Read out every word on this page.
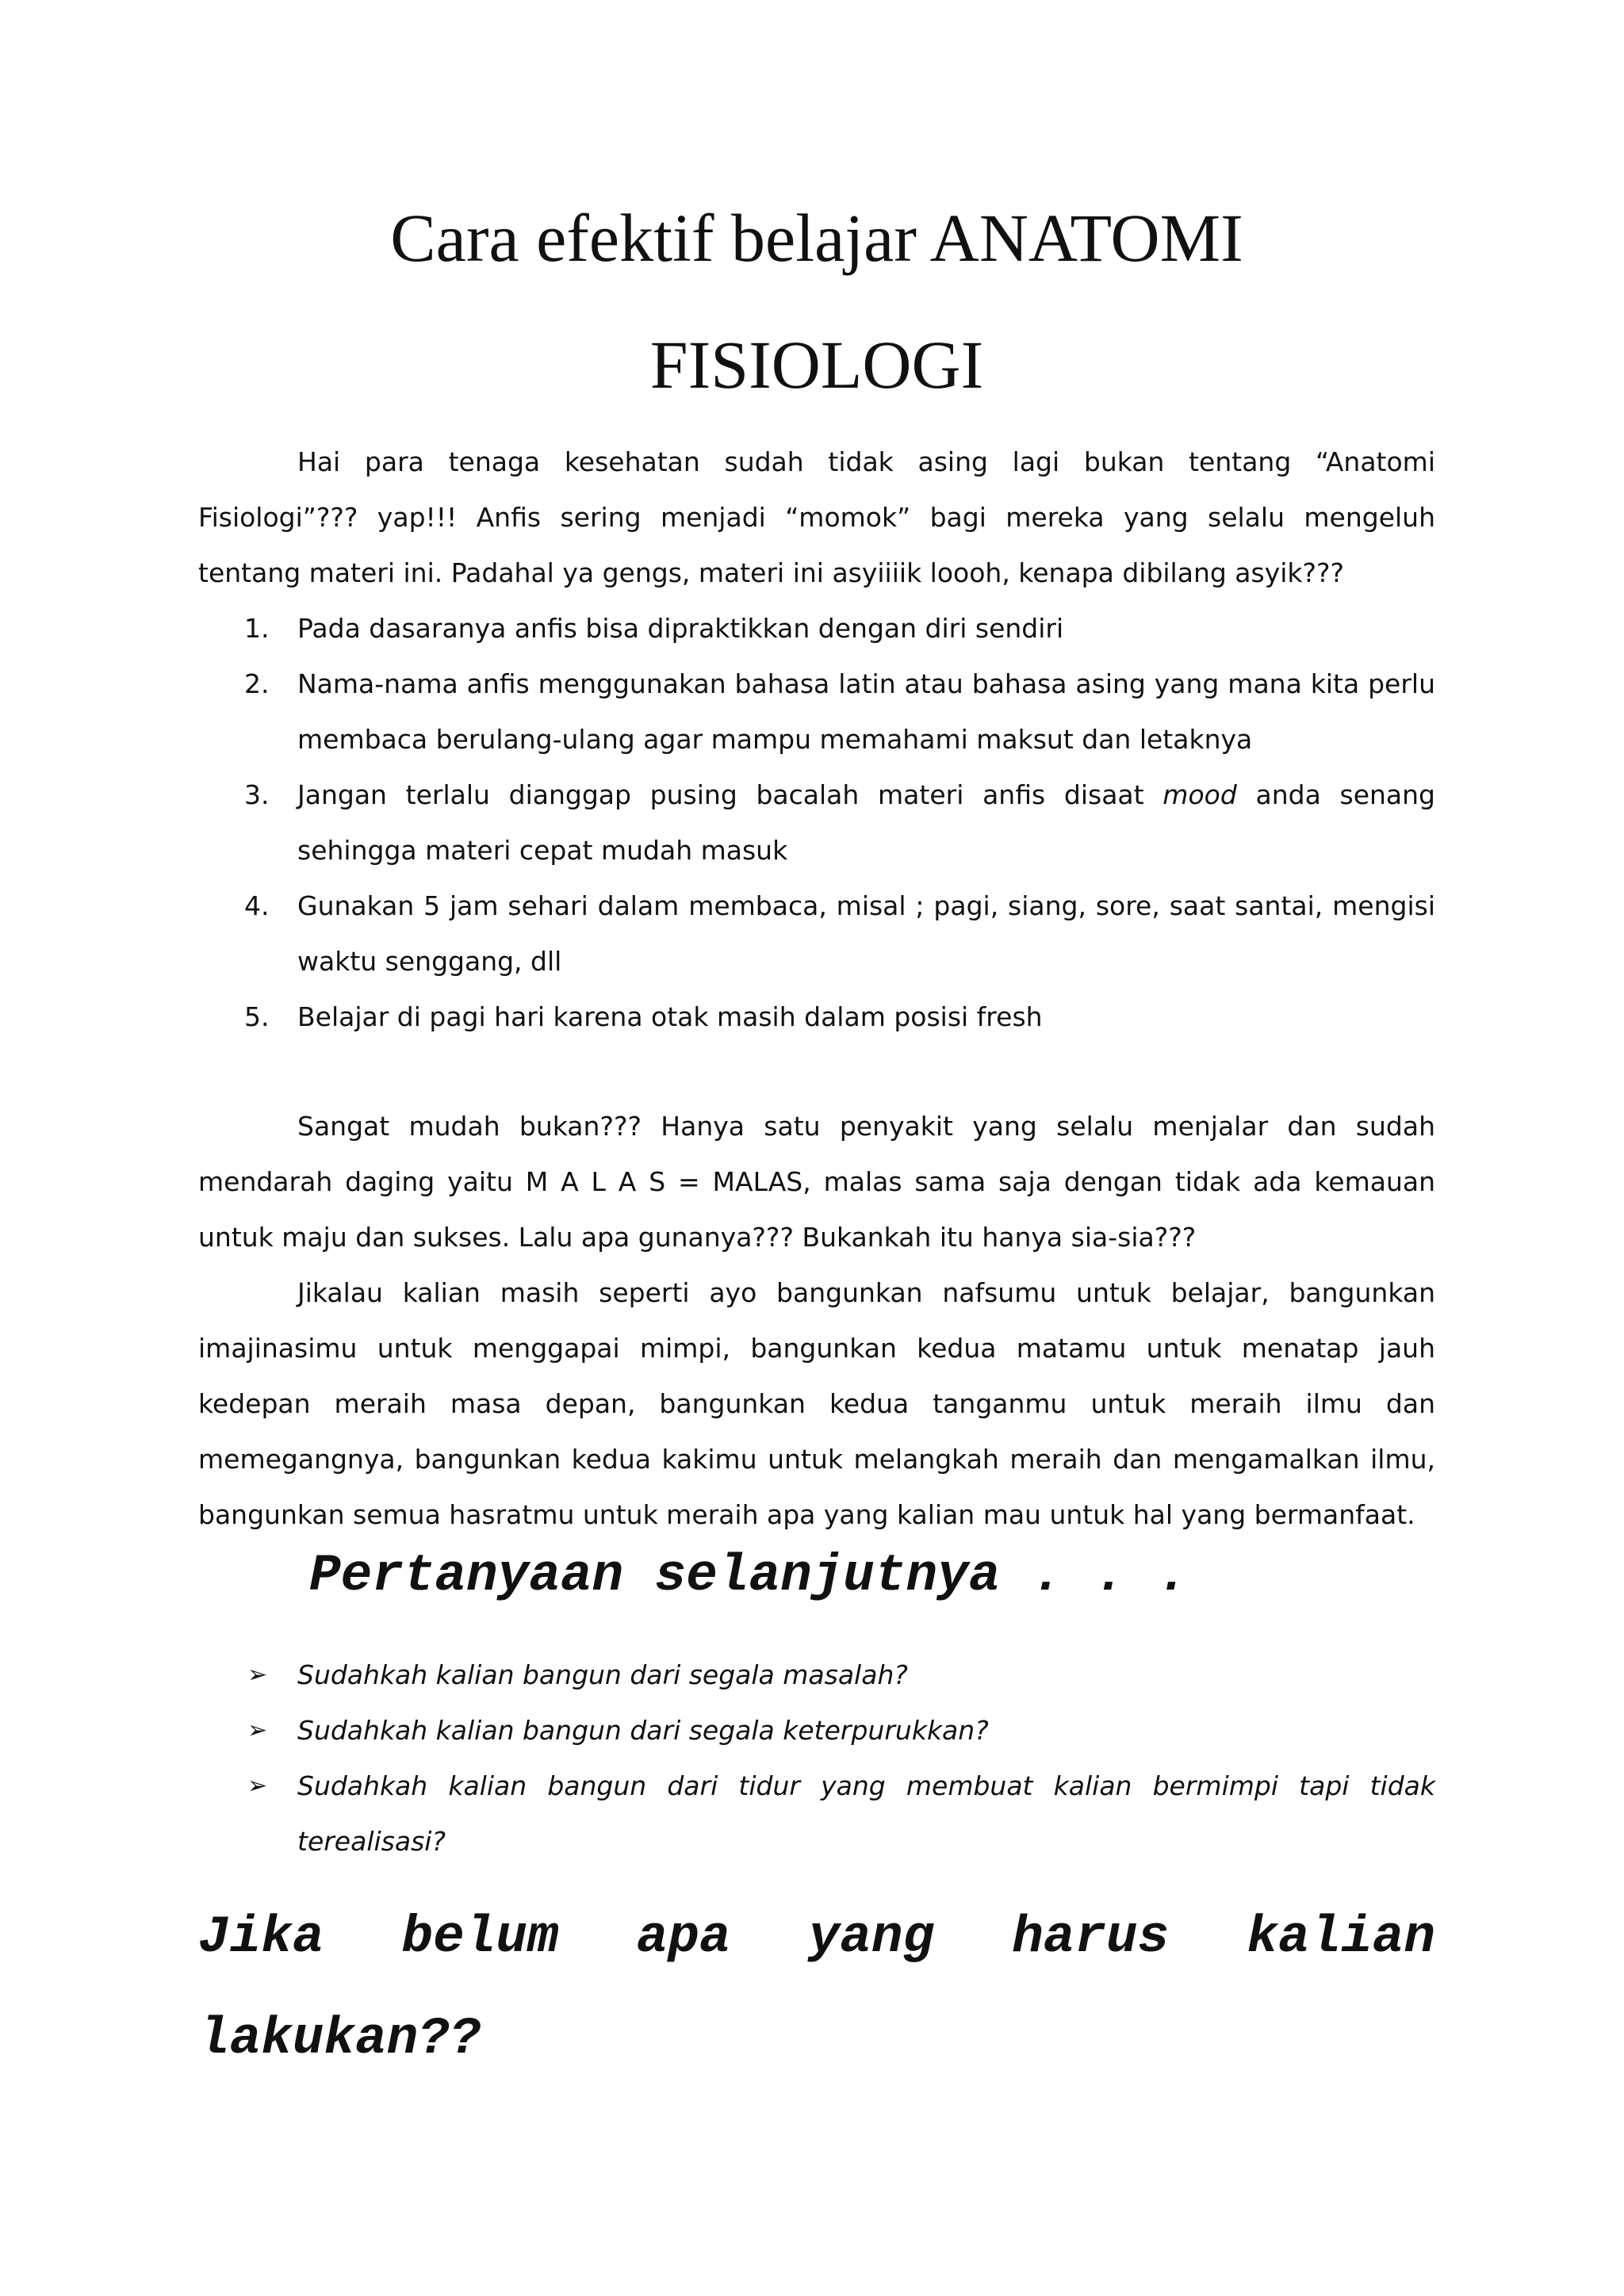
Cara efektif belajar ANATOMI
FISIOLOGI

Hai para tenaga kesehatan sudah tidak asing lagi bukan tentang “Anatomi Fisiologi”??? yap!!! Anfis sering menjadi “momok” bagi mereka yang selalu mengeluh tentang materi ini. Padahal ya gengs, materi ini asyiiiik loooh, kenapa dibilang asyik???

1. Pada dasaranya anfis bisa dipraktikkan dengan diri sendiri
2. Nama-nama anfis menggunakan bahasa latin atau bahasa asing yang mana kita perlu membaca berulang-ulang agar mampu memahami maksut dan letaknya
3. Jangan terlalu dianggap pusing bacalah materi anfis disaat mood anda senang sehingga materi cepat mudah masuk
4. Gunakan 5 jam sehari dalam membaca, misal ; pagi, siang, sore, saat santai, mengisi waktu senggang, dll
5. Belajar di pagi hari karena otak masih dalam posisi fresh

Sangat mudah bukan??? Hanya satu penyakit yang selalu menjalar dan sudah mendarah daging yaitu M A L A S = MALAS, malas sama saja dengan tidak ada kemauan untuk maju dan sukses. Lalu apa gunanya??? Bukankah itu hanya sia-sia???

Jikalau kalian masih seperti ayo bangunkan nafsumu untuk belajar, bangunkan imajinasimu untuk menggapai mimpi, bangunkan kedua matamu untuk menatap jauh kedepan meraih masa depan, bangunkan kedua tanganmu untuk meraih ilmu dan memegangnya, bangunkan kedua kakimu untuk melangkah meraih dan mengamalkan ilmu, bangunkan semua hasratmu untuk meraih apa yang kalian mau untuk hal yang bermanfaat.

Pertanyaan selanjutnya . . .
➢ Sudahkah kalian bangun dari segala masalah?
➢ Sudahkah kalian bangun dari segala keterpurukkan?
➢ Sudahkah kalian bangun dari tidur yang membuat kalian bermimpi tapi tidak terealisasi?

Jika belum apa yang harus kalian lakukan??
